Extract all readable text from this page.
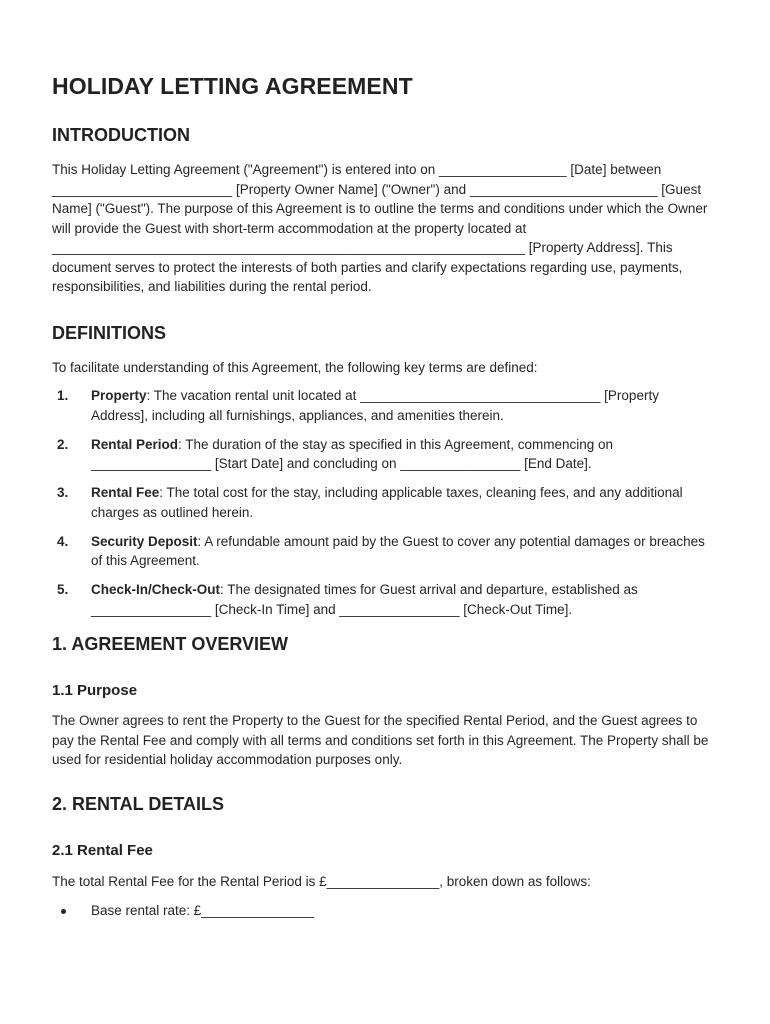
HOLIDAY LETTING AGREEMENT
INTRODUCTION

This Holiday Letting Agreement ("Agreement") is entered into on _________________ [Date] between ________________________ [Property Owner Name] ("Owner") and _________________________ [Guest Name] ("Guest"). The purpose of this Agreement is to outline the terms and conditions under which the Owner will provide the Guest with short-term accommodation at the property located at _______________________________________________________________ [Property Address]. This document serves to protect the interests of both parties and clarify expectations regarding use, payments, responsibilities, and liabilities during the rental period.

DEFINITIONS

To facilitate understanding of this Agreement, the following key terms are defined:

1. Property: The vacation rental unit located at ________________________________ [Property Address], including all furnishings, appliances, and amenities therein.
2. Rental Period: The duration of the stay as specified in this Agreement, commencing on ________________ [Start Date] and concluding on ________________ [End Date].
3. Rental Fee: The total cost for the stay, including applicable taxes, cleaning fees, and any additional charges as outlined herein.
4. Security Deposit: A refundable amount paid by the Guest to cover any potential damages or breaches of this Agreement.
5. Check-In/Check-Out: The designated times for Guest arrival and departure, established as ________________ [Check-In Time] and ________________ [Check-Out Time].
1. AGREEMENT OVERVIEW
1.1 Purpose

The Owner agrees to rent the Property to the Guest for the specified Rental Period, and the Guest agrees to pay the Rental Fee and comply with all terms and conditions set forth in this Agreement. The Property shall be used for residential holiday accommodation purposes only.

2. RENTAL DETAILS
2.1 Rental Fee

The total Rental Fee for the Rental Period is £_______________, broken down as follows:

Base rental rate: £_______________
